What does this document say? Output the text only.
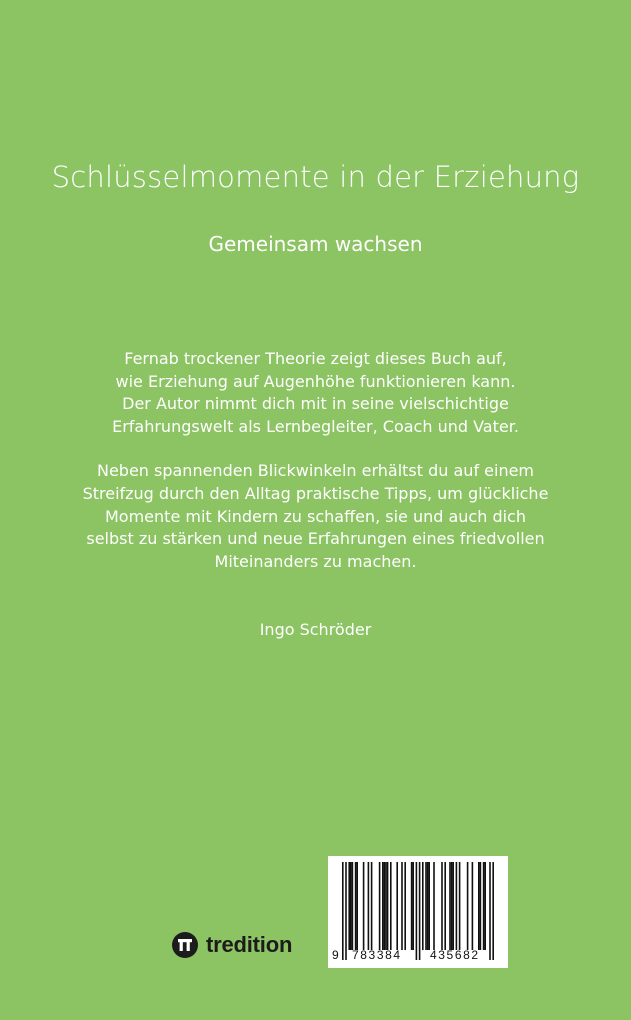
Schlüsselmomente in der Erziehung
Gemeinsam wachsen

Fernab trockener Theorie zeigt dieses Buch auf,
wie Erziehung auf Augenhöhe funktionieren kann.
Der Autor nimmt dich mit in seine vielschichtige
Erfahrungswelt als Lernbegleiter, Coach und Vater.

Neben spannenden Blickwinkeln erhältst du auf einem
Streifzug durch den Alltag praktische Tipps, um glückliche
Momente mit Kindern zu schaffen, sie und auch dich
selbst zu stärken und neue Erfahrungen eines friedvollen
Miteinanders zu machen.

Ingo Schröder
tredition	9 783384 435682
